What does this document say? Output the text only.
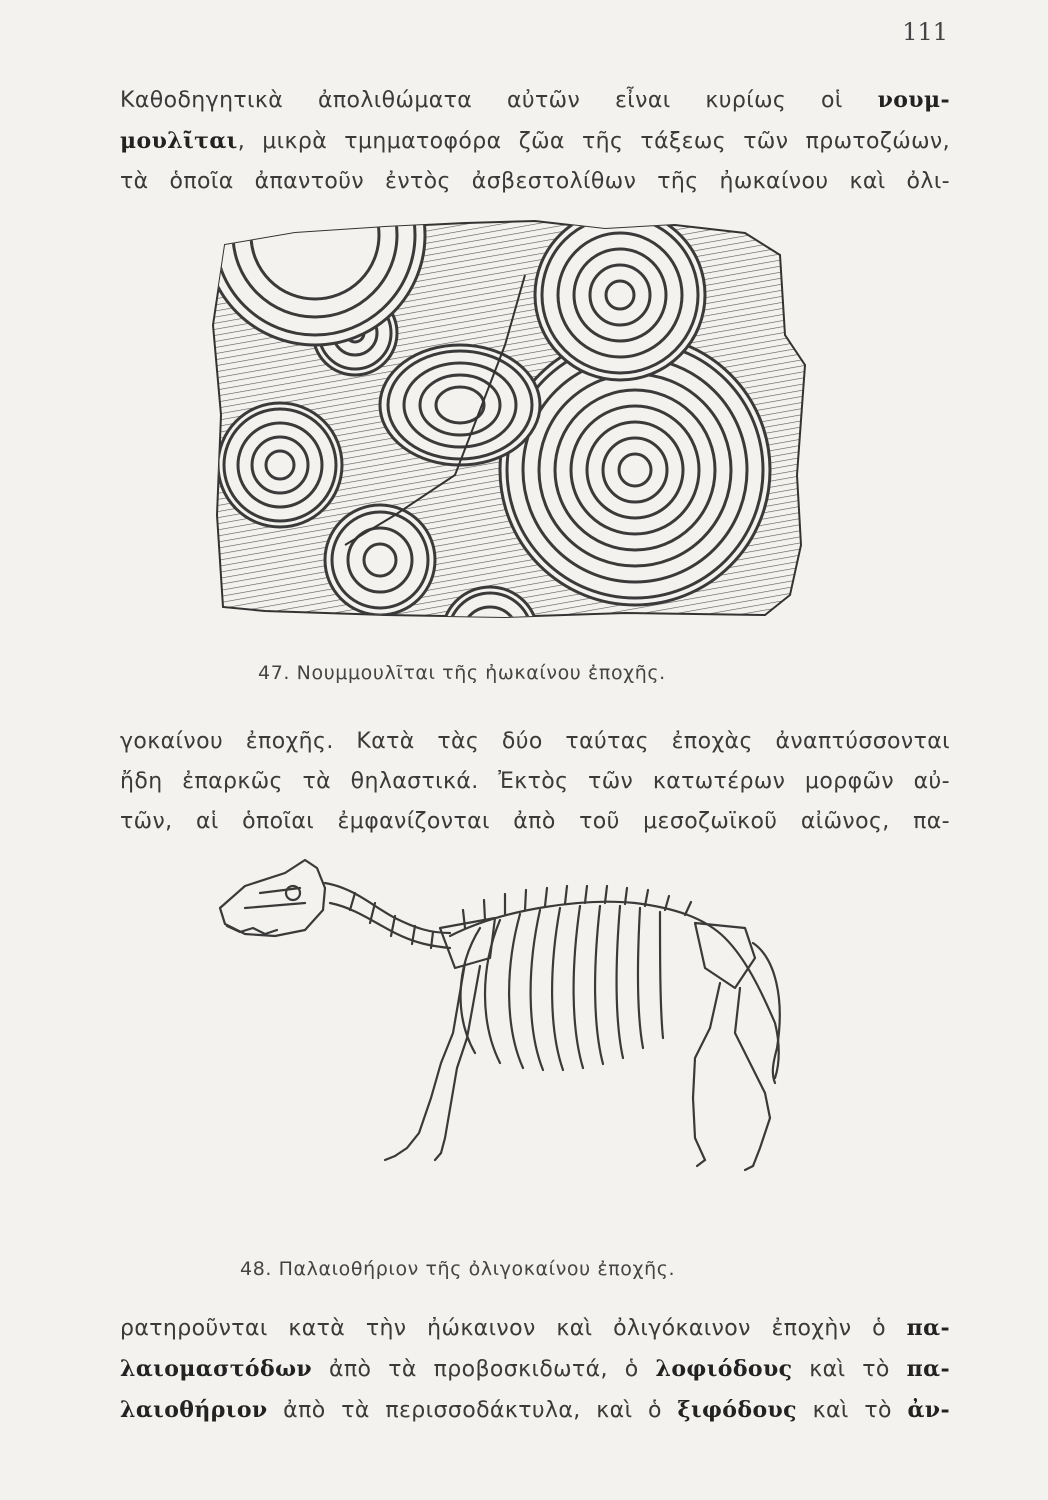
111

Καθοδηγητικὰ ἀπολιθώματα αὐτῶν εἶναι κυρίως οἱ νουμ-
μουλῖται, μικρὰ τμηματοφόρα ζῶα τῆς τάξεως τῶν πρωτοζώων,
τὰ ὁποῖα ἀπαντοῦν ἐντὸς ἀσβεστολίθων τῆς ἠωκαίνου καὶ ὀλι-

47. Νουμμουλῖται τῆς ἠωκαίνου ἐποχῆς.

γοκαίνου ἐποχῆς. Κατὰ τὰς δύο ταύτας ἐποχὰς ἀναπτύσσονται
ἤδη ἐπαρκῶς τὰ θηλαστικά. Ἐκτὸς τῶν κατωτέρων μορφῶν αὐ-
τῶν, αἱ ὁποῖαι ἐμφανίζονται ἀπὸ τοῦ μεσοζωϊκοῦ αἰῶνος, πα-

48. Παλαιοθήριον τῆς ὀλιγοκαίνου ἐποχῆς.

ρατηροῦνται κατὰ τὴν ἠώκαινον καὶ ὀλιγόκαινον ἐποχὴν ὁ πα-
λαιομαστόδων ἀπὸ τὰ προβοσκιδωτά, ὁ λοφιόδους καὶ τὸ πα-
λαιοθήριον ἀπὸ τὰ περισσοδάκτυλα, καὶ ὁ ξιφόδους καὶ τὸ ἀν-
